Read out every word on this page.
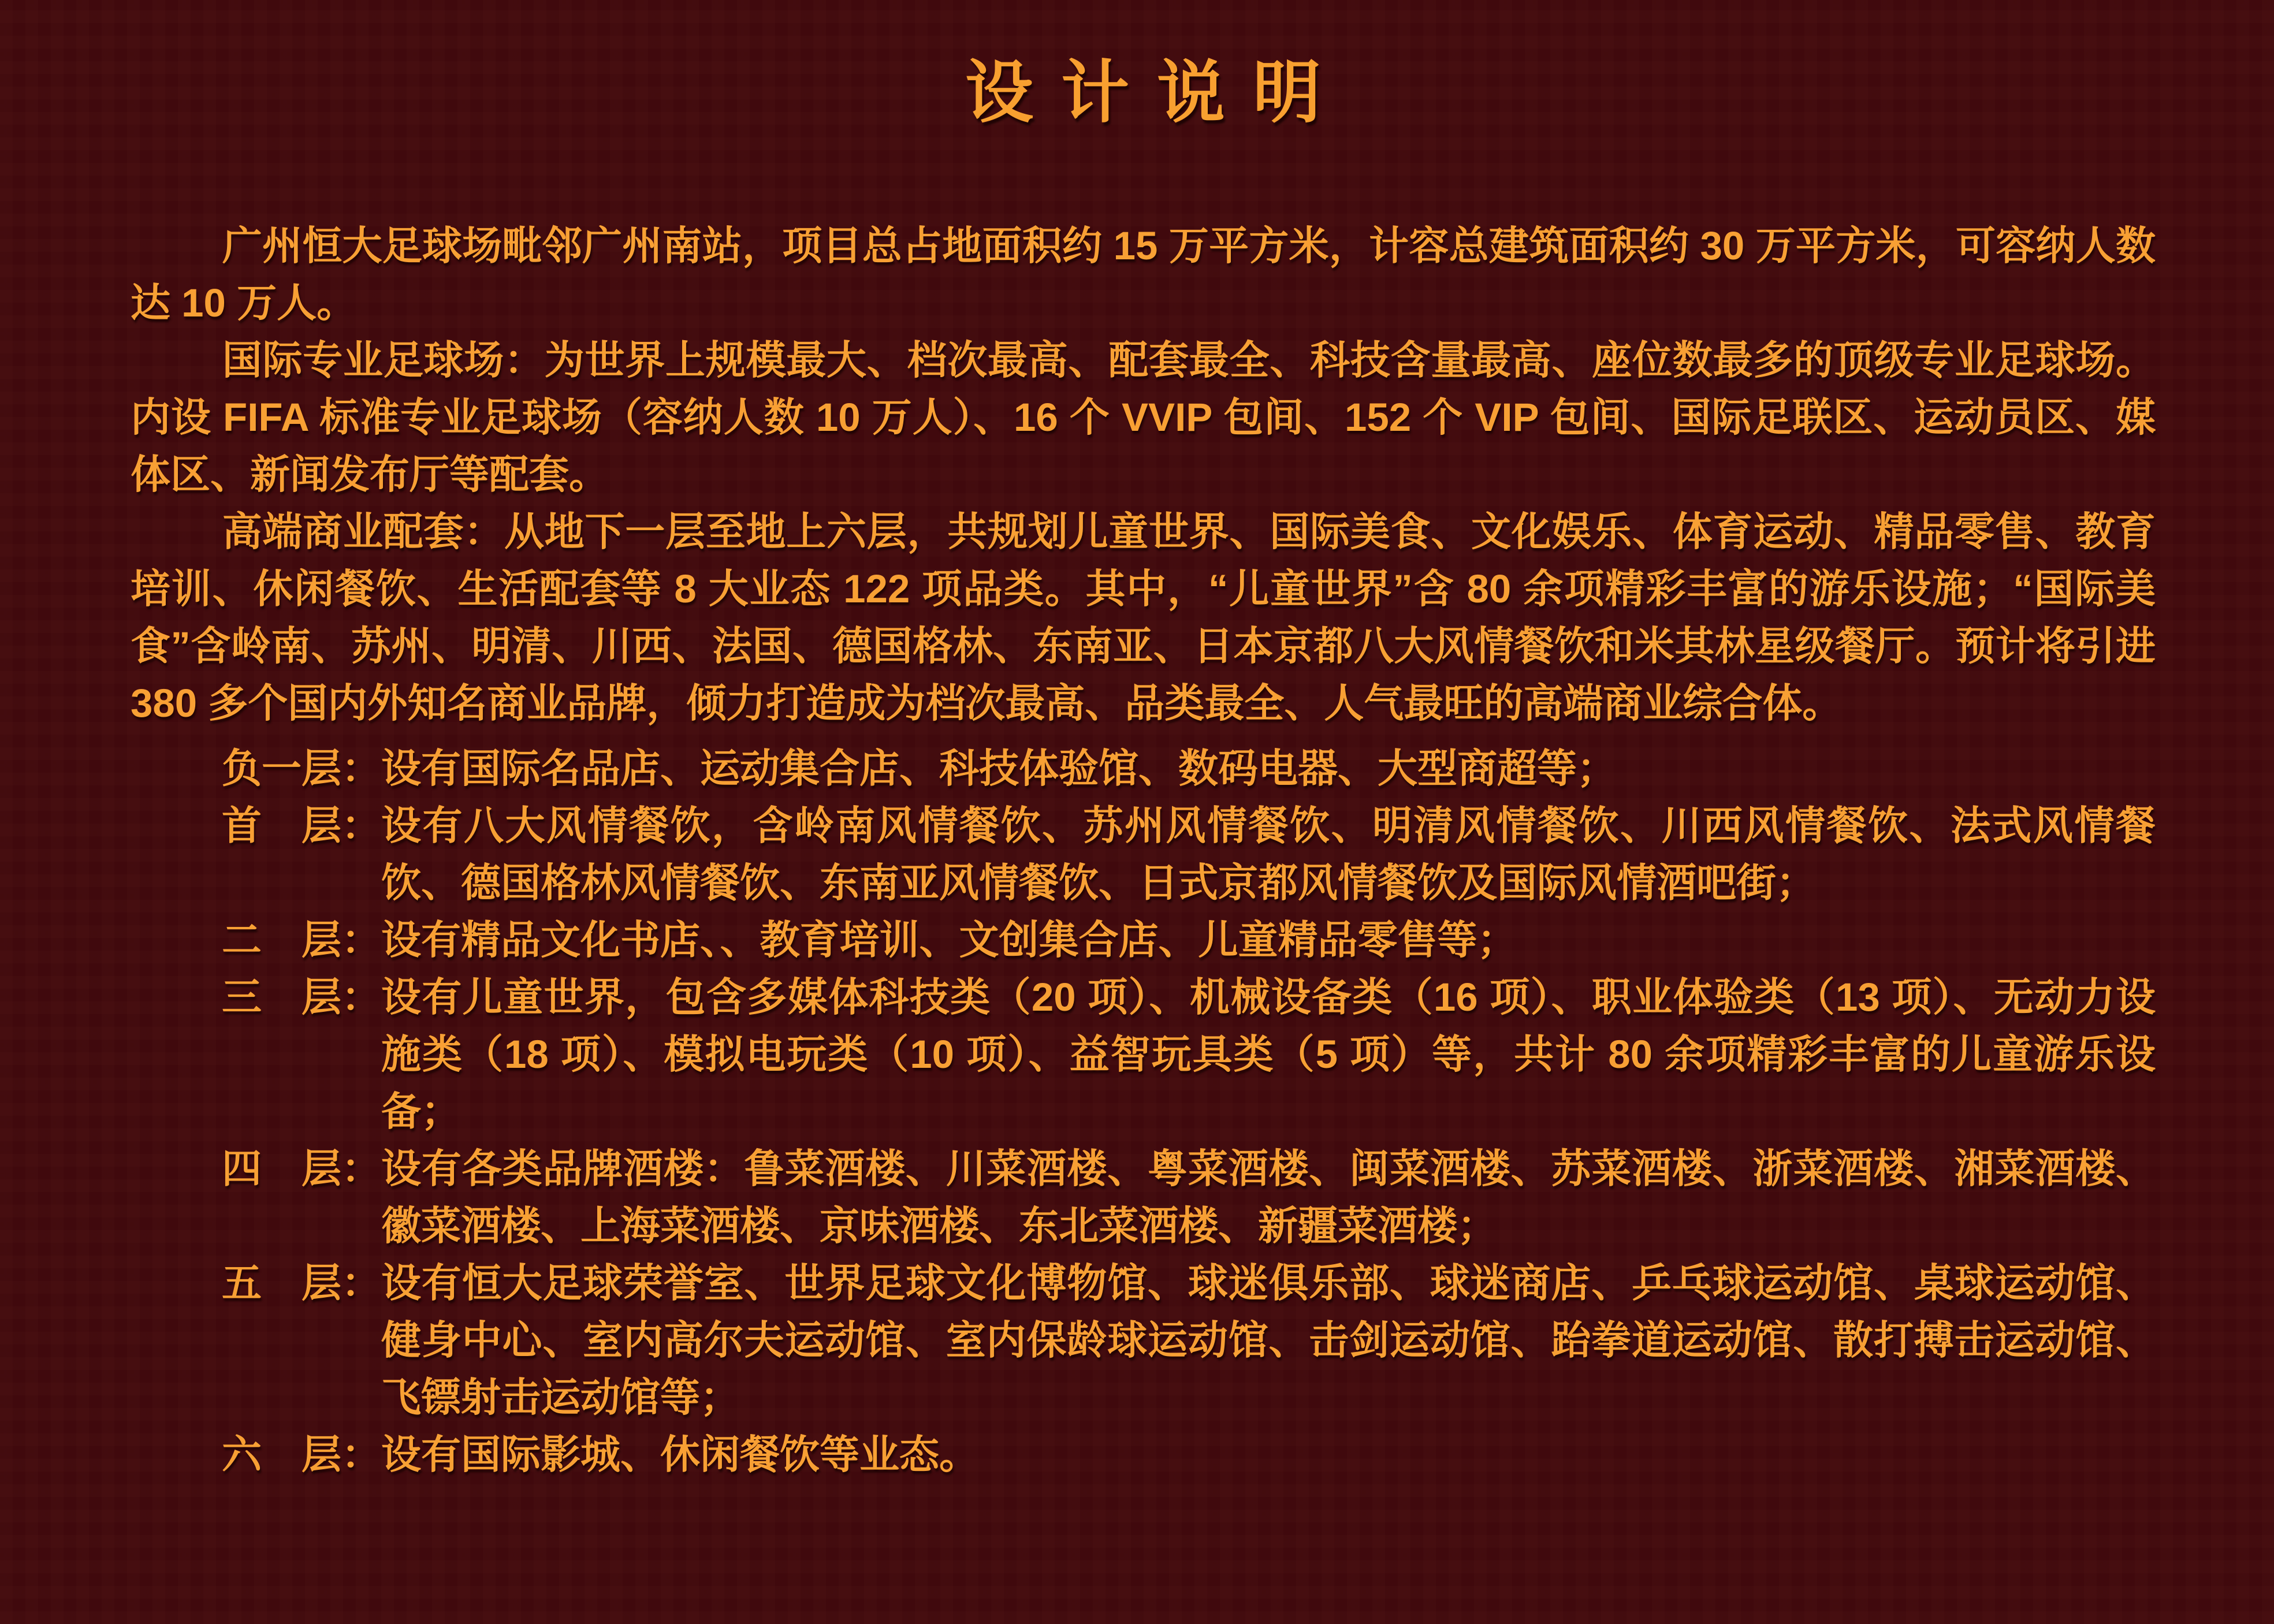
设计说明

广州恒大足球场毗邻广州南站，项目总占地面积约 15 万平方米，计容总建筑面积约 30 万平方米，可容纳人数达 10 万人。

国际专业足球场：为世界上规模最大、档次最高、配套最全、科技含量最高、座位数最多的顶级专业足球场。内设 FIFA 标准专业足球场（容纳人数 10 万人）、16 个 VVIP 包间、152 个 VIP 包间、国际足联区、运动员区、媒体区、新闻发布厅等配套。

高端商业配套：从地下一层至地上六层，共规划儿童世界、国际美食、文化娱乐、体育运动、精品零售、教育培训、休闲餐饮、生活配套等 8 大业态 122 项品类。其中，“儿童世界”含 80 余项精彩丰富的游乐设施；“国际美食”含岭南、苏州、明清、川西、法国、德国格林、东南亚、日本京都八大风情餐饮和米其林星级餐厅。预计将引进 380 多个国内外知名商业品牌，倾力打造成为档次最高、品类最全、人气最旺的高端商业综合体。

负一层： 设有国际名品店、运动集合店、科技体验馆、数码电器、大型商超等；
首　层： 设有八大风情餐饮，含岭南风情餐饮、苏州风情餐饮、明清风情餐饮、川西风情餐饮、法式风情餐饮、德国格林风情餐饮、东南亚风情餐饮、日式京都风情餐饮及国际风情酒吧街；
二　层： 设有精品文化书店、、教育培训、文创集合店、儿童精品零售等；
三　层： 设有儿童世界，包含多媒体科技类（20 项）、机械设备类（16 项）、职业体验类（13 项）、无动力设施类（18 项）、模拟电玩类（10 项）、益智玩具类（5 项）等，共计 80 余项精彩丰富的儿童游乐设备；
四　层： 设有各类品牌酒楼：鲁菜酒楼、川菜酒楼、粤菜酒楼、闽菜酒楼、苏菜酒楼、浙菜酒楼、湘菜酒楼、徽菜酒楼、上海菜酒楼、京味酒楼、东北菜酒楼、新疆菜酒楼；
五　层： 设有恒大足球荣誉室、世界足球文化博物馆、球迷俱乐部、球迷商店、乒乓球运动馆、桌球运动馆、健身中心、室内高尔夫运动馆、室内保龄球运动馆、击剑运动馆、跆拳道运动馆、散打搏击运动馆、飞镖射击运动馆等；
六　层： 设有国际影城、休闲餐饮等业态。
